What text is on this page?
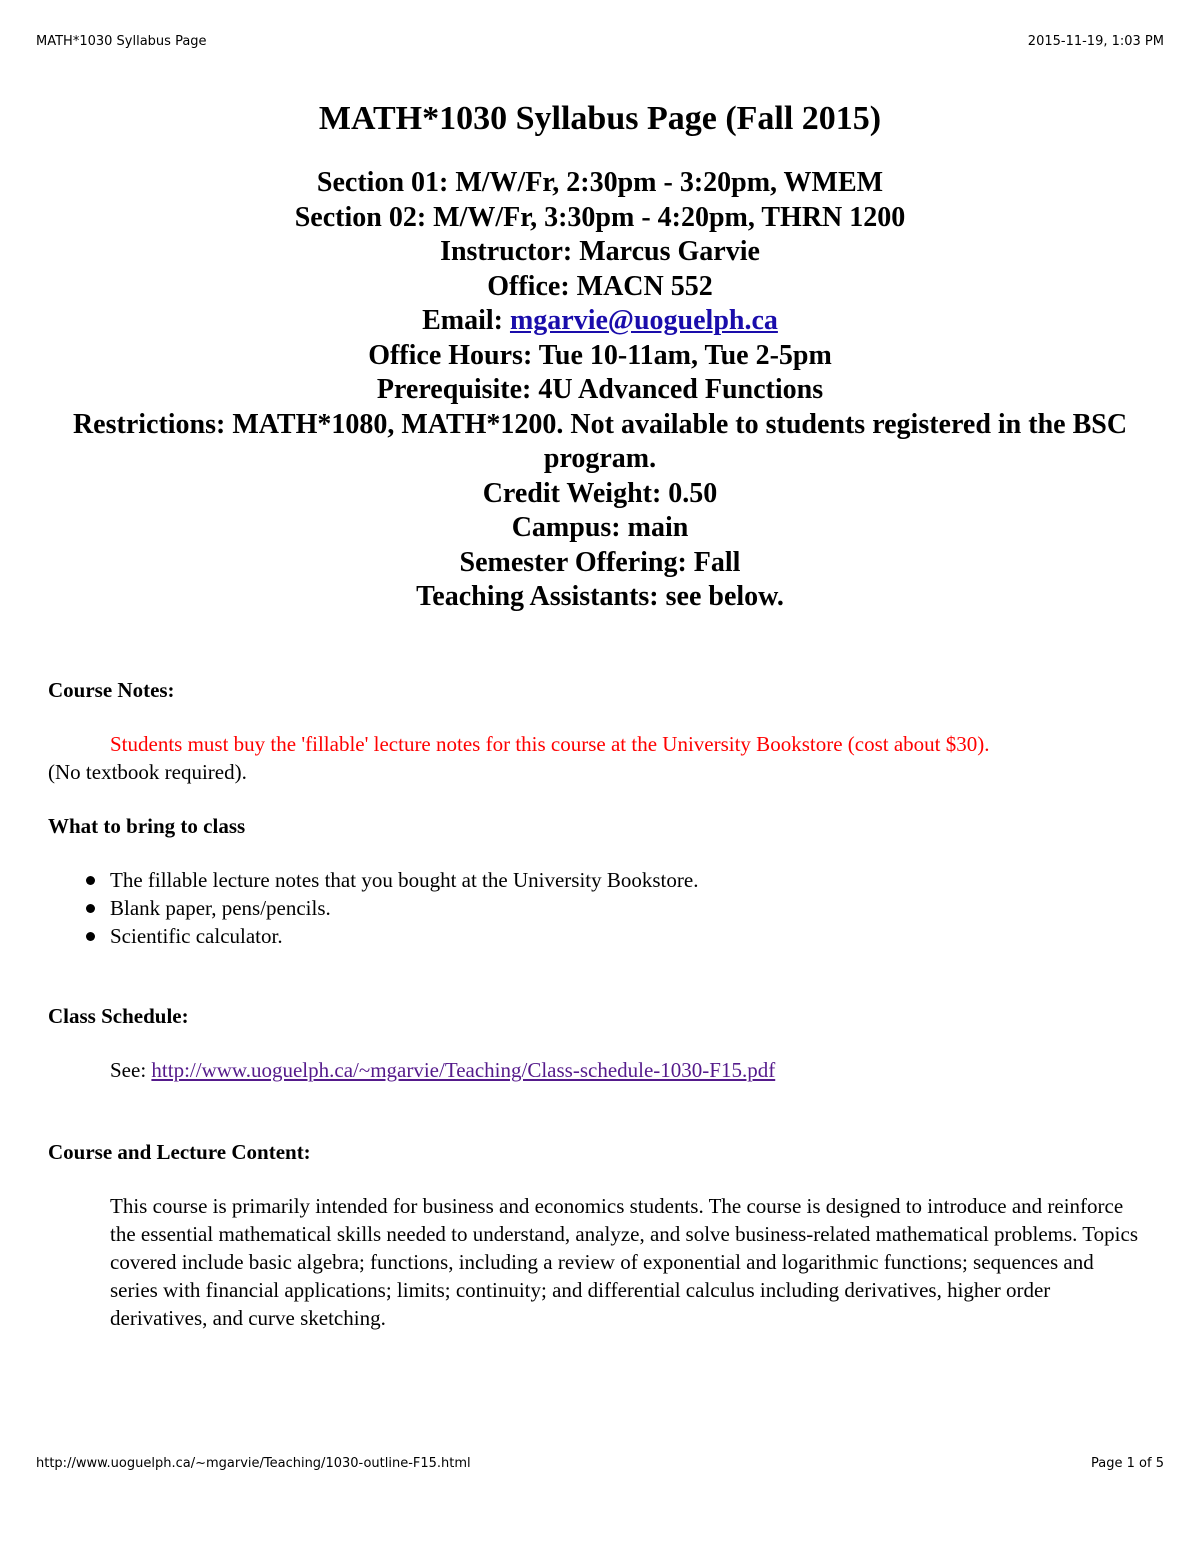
MATH*1030 Syllabus Page	2015-11-19, 1:03 PM
MATH*1030 Syllabus Page (Fall 2015)

Section 01: M/W/Fr, 2:30pm - 3:20pm, WMEM

Section 02: M/W/Fr, 3:30pm - 4:20pm, THRN 1200

Instructor: Marcus Garvie

Office: MACN 552

Email: mgarvie@uoguelph.ca

Office Hours: Tue 10-11am, Tue 2-5pm

Prerequisite: 4U Advanced Functions

Restrictions: MATH*1080, MATH*1200. Not available to students registered in the BSC program.

Credit Weight: 0.50

Campus: main

Semester Offering: Fall

Teaching Assistants: see below.

Course Notes:

Students must buy the 'fillable' lecture notes for this course at the University Bookstore (cost about $30).

(No textbook required).

What to bring to class

The fillable lecture notes that you bought at the University Bookstore.
Blank paper, pens/pencils.
Scientific calculator.

Class Schedule:

See: http://www.uoguelph.ca/~mgarvie/Teaching/Class-schedule-1030-F15.pdf

Course and Lecture Content:

This course is primarily intended for business and economics students. The course is designed to introduce and reinforce the essential mathematical skills needed to understand, analyze, and solve business-related mathematical problems. Topics covered include basic algebra; functions, including a review of exponential and logarithmic functions; sequences and series with financial applications; limits; continuity; and differential calculus including derivatives, higher order derivatives, and curve sketching.

http://www.uoguelph.ca/~mgarvie/Teaching/1030-outline-F15.html	Page 1 of 5
